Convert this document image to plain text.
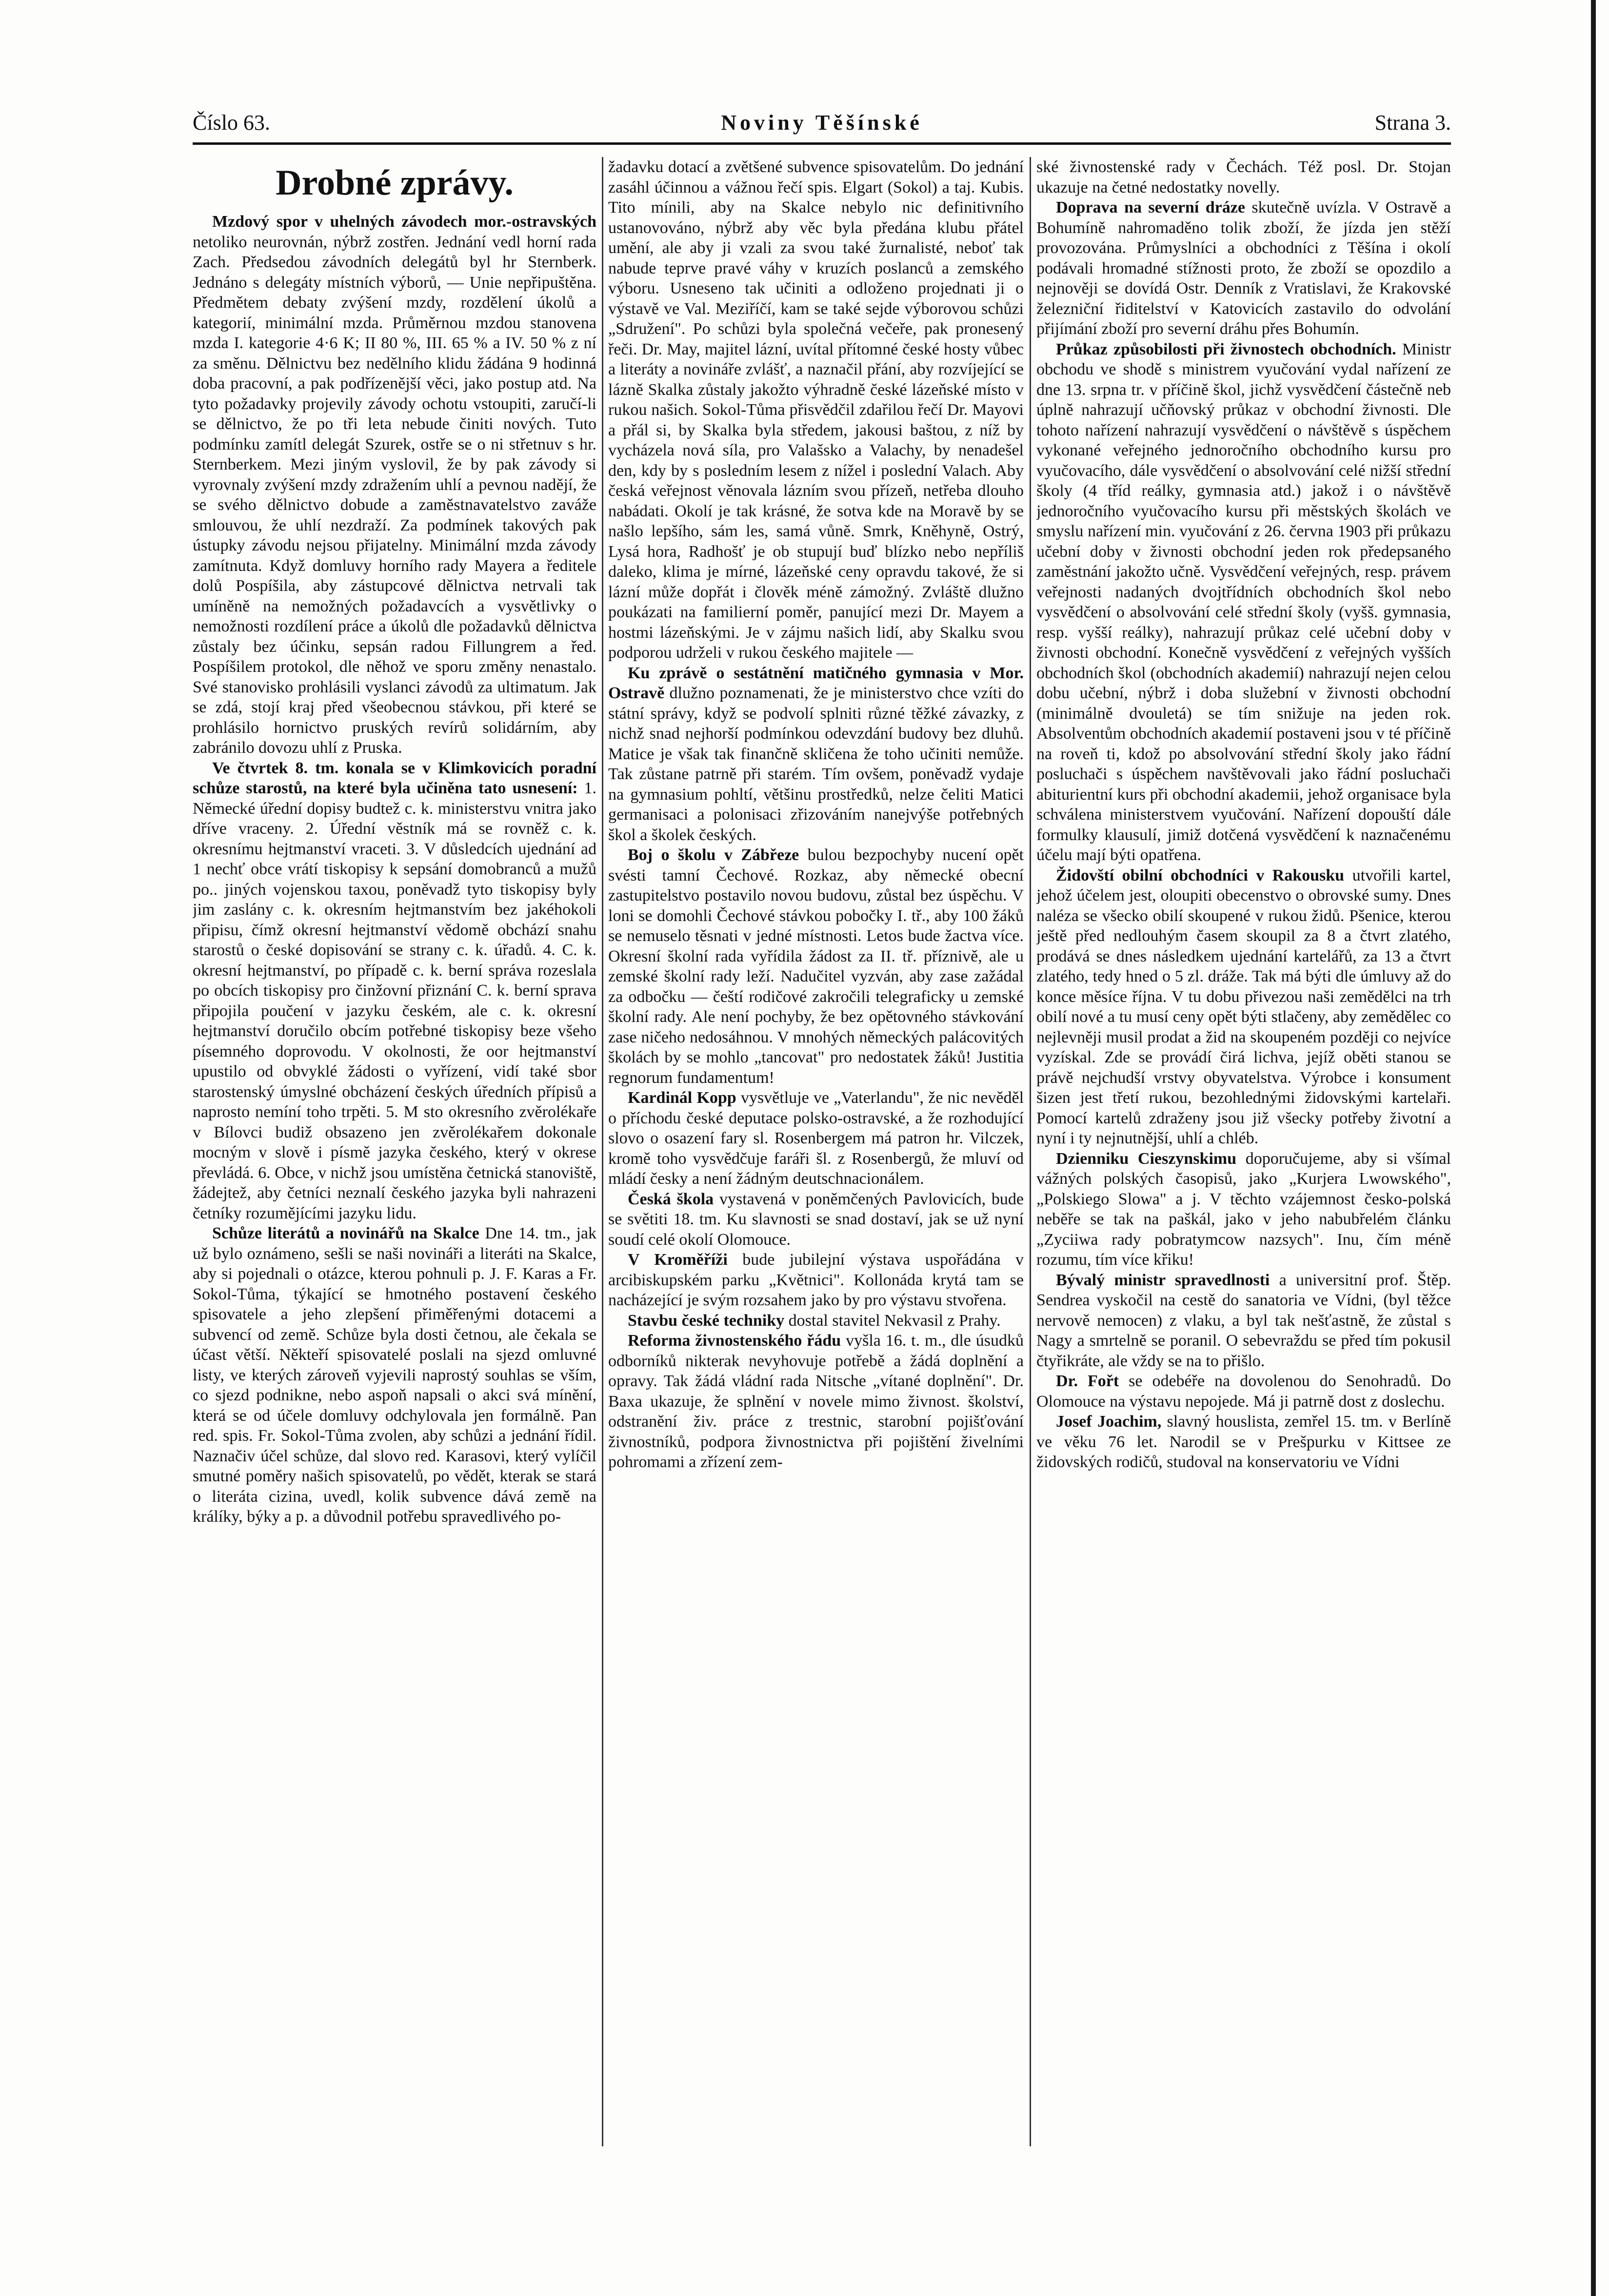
Noviny Těšínské
Číslo 63.	Strana 3.
Drobné zprávy.

Mzdový spor v uhelných závodech mor.-ostravských netoliko neurovnán, nýbrž zostřen. Jednání vedl horní rada Zach. Předsedou závodních delegátů byl hr Sternberk. Jednáno s delegáty místních výborů, — Unie nepřipuštěna. Předmětem debaty zvýšení mzdy, rozdělení úkolů a kategorií, minimální mzda. Průměrnou mzdou stanovena mzda I. kategorie 4·6 K; II 80 %, III. 65 % a IV. 50 % z ní za směnu. Dělnictvu bez nedělního klidu žádána 9 hodinná doba pracovní, a pak podřízenější věci, jako postup atd. Na tyto požadavky projevily závody ochotu vstoupiti, zaručí-li se dělnictvo, že po tři leta nebude činiti nových. Tuto podmínku zamítl delegát Szurek, ostře se o ni střetnuv s hr. Sternberkem. Mezi jiným vyslovil, že by pak závody si vyrovnaly zvýšení mzdy zdražením uhlí a pevnou nadějí, že se svého dělnictvo dobude a zaměstnavatelstvo zaváže smlouvou, že uhlí nezdraží. Za podmínek takových pak ústupky závodu nejsou přijatelny. Minimální mzda závody zamítnuta. Když domluvy horního rady Mayera a ředitele dolů Pospíšila, aby zástupcové dělnictva netrvali tak umíněně na nemožných požadavcích a vysvětlivky o nemožnosti rozdílení práce a úkolů dle požadavků dělnictva zůstaly bez účinku, sepsán radou Fillungrem a řed. Pospíšilem protokol, dle něhož ve sporu změny nenastalo. Své stanovisko prohlásili vyslanci závodů za ultimatum. Jak se zdá, stojí kraj před všeobecnou stávkou, při které se prohlásilo hornictvo pruských revírů solidárním, aby zabránilo dovozu uhlí z Pruska.

Ve čtvrtek 8. tm. konala se v Klimkovicích poradní schůze starostů, na které byla učiněna tato usnesení: 1. Německé úřední dopisy budtež c. k. ministerstvu vnitra jako dříve vraceny. 2. Úřední věstník má se rovněž c. k. okresnímu hejtmanství vraceti. 3. V důsledcích ujednání ad 1 nechť obce vrátí tiskopisy k sepsání domobranců a mužů po.. jiných vojenskou taxou, poněvadž tyto tiskopisy byly jim zaslány c. k. okresním hejtmanstvím bez jakéhokoli připisu, čímž okresní hejtmanství vědomě obchází snahu starostů o české dopisování se strany c. k. úřadů. 4. C. k. okresní hejtmanství, po případě c. k. berní správa rozeslala po obcích tiskopisy pro činžovní přiznání C. k. berní sprava připojila poučení v jazyku českém, ale c. k. okresní hejtmanství doručilo obcím potřebné tiskopisy beze všeho písemného doprovodu. V okolnosti, že oor hejtmanství upustilo od obvyklé žádosti o vyřízení, vidí také sbor starostenský úmyslné obcházení českých úředních přípisů a naprosto nemíní toho trpěti. 5. M sto okresního zvěrolékaře v Bílovci budiž obsazeno jen zvěrolékařem dokonale mocným v slově i písmě jazyka českého, který v okrese převládá. 6. Obce, v nichž jsou umístěna četnická stanoviště, žádejtež, aby četníci neznalí českého jazyka byli nahrazeni četníky rozumějícími jazyku lidu.

Schůze literátů a novinářů na Skalce Dne 14. tm., jak už bylo oznámeno, sešli se naši novináři a literáti na Skalce, aby si pojednali o otázce, kterou pohnuli p. J. F. Karas a Fr. Sokol-Tůma, týkající se hmotného postavení českého spisovatele a jeho zlepšení přiměřenými dotacemi a subvencí od země. Schůze byla dosti četnou, ale čekala se účast větší. Někteří spisovatelé poslali na sjezd omluvné listy, ve kterých zároveň vyjevili naprostý souhlas se vším, co sjezd podnikne, nebo aspoň napsali o akci svá mínění, která se od účele domluvy odchylovala jen formálně. Pan red. spis. Fr. Sokol-Tůma zvolen, aby schůzi a jednání řídil. Naznačiv účel schůze, dal slovo red. Karasovi, který vylíčil smutné poměry našich spisovatelů, po vědět, kterak se stará o literáta cizina, uvedl, kolik subvence dává země na králíky, býky a p. a důvodnil potřebu spravedlivého po-

žadavku dotací a zvětšené subvence spisovatelům. Do jednání zasáhl účinnou a vážnou řečí spis. Elgart (Sokol) a taj. Kubis. Tito mínili, aby na Skalce nebylo nic definitivního ustanovováno, nýbrž aby věc byla předána klubu přátel umění, ale aby ji vzali za svou také žurnalisté, neboť tak nabude teprve pravé váhy v kruzích poslanců a zemského výboru. Usneseno tak učiniti a odloženo projednati ji o výstavě ve Val. Meziříčí, kam se také sejde výborovou schůzi „Sdružení". Po schůzi byla společná večeře, pak pronesený řeči. Dr. May, majitel lázní, uvítal přítomné české hosty vůbec a literáty a novináře zvlášť, a naznačil přání, aby rozvíjející se lázně Skalka zůstaly jakožto výhradně české lázeňské místo v rukou našich. Sokol-Tůma přisvědčil zdařilou řečí Dr. Mayovi a přál si, by Skalka byla středem, jakousi baštou, z níž by vycházela nová síla, pro Valašsko a Valachy, by nenadešel den, kdy by s posledním lesem z nížel i poslední Valach. Aby česká veřejnost věnovala lázním svou přízeň, netřeba dlouho nabádati. Okolí je tak krásné, že sotva kde na Moravě by se našlo lepšího, sám les, samá vůně. Smrk, Kněhyně, Ostrý, Lysá hora, Radhošť je ob stupují buď blízko nebo nepříliš daleko, klima je mírné, lázeňské ceny opravdu takové, že si lázní může dopřát i člověk méně zámožný. Zvláště dlužno poukázati na familierní poměr, panující mezi Dr. Mayem a hostmi lázeňskými. Je v zájmu našich lidí, aby Skalku svou podporou udrželi v rukou českého majitele —

Ku zprávě o sestátnění matičného gymnasia v Mor. Ostravě dlužno poznamenati, že je ministerstvo chce vzíti do státní správy, když se podvolí splniti různé těžké závazky, z nichž snad nejhorší podmínkou odevzdání budovy bez dluhů. Matice je však tak finančně skličena že toho učiniti nemůže. Tak zůstane patrně při starém. Tím ovšem, poněvadž vydaje na gymnasium pohltí, většinu prostředků, nelze čeliti Matici germanisaci a polonisaci zřizováním nanejvýše potřebných škol a školek českých.

Boj o školu v Zábřeze bulou bezpochyby nucení opět svésti tamní Čechové. Rozkaz, aby německé obecní zastupitelstvo postavilo novou budovu, zůstal bez úspěchu. V loni se domohli Čechové stávkou pobočky I. tř., aby 100 žáků se nemuselo těsnati v jedné místnosti. Letos bude žactva více. Okresní školní rada vyřídila žádost za II. tř. příznivě, ale u zemské školní rady leží. Nadučitel vyzván, aby zase zažádal za odbočku — čeští rodičové zakročili telegraficky u zemské školní rady. Ale není pochyby, že bez opětovného stávkování zase ničeho nedosáhnou. V mnohých německých palácovitých školách by se mohlo „tancovat" pro nedostatek žáků! Justitia regnorum fundamentum!

Kardinál Kopp vysvětluje ve „Vaterlandu", že nic nevěděl o příchodu české deputace polsko-ostravské, a že rozhodující slovo o osazení fary sl. Rosenbergem má patron hr. Vilczek, kromě toho vysvědčuje faráři šl. z Rosenbergů, že mluví od mládí česky a není žádným deutschnacionálem.

Česká škola vystavená v poněmčených Pavlovicích, bude se světiti 18. tm. Ku slavnosti se snad dostaví, jak se už nyní soudí celé okolí Olomouce.

V Kroměříži bude jubilejní výstava uspořádána v arcibiskupském parku „Květnici". Kollonáda krytá tam se nacházející je svým rozsahem jako by pro výstavu stvořena.

Stavbu české techniky dostal stavitel Nekvasil z Prahy.

Reforma živnostenského řádu vyšla 16. t. m., dle úsudků odborníků nikterak nevyhovuje potřebě a žádá doplnění a opravy. Tak žádá vládní rada Nitsche „vítané doplnění". Dr. Baxa ukazuje, že splnění v novele mimo živnost. školství, odstranění živ. práce z trestnic, starobní pojišťování živnostníků, podpora živnostnictva při pojištění živelními pohromami a zřízení zem-

ské živnostenské rady v Čechách. Též posl. Dr. Stojan ukazuje na četné nedostatky novelly.

Doprava na severní dráze skutečně uvízla. V Ostravě a Bohumíně nahromaděno tolik zboží, že jízda jen stěží provozována. Průmyslníci a obchodníci z Těšína i okolí podávali hromadné stížnosti proto, že zboží se opozdilo a nejnověji se dovídá Ostr. Denník z Vratislavi, že Krakovské železniční řiditelství v Katovicích zastavilo do odvolání přijímání zboží pro severní dráhu přes Bohumín.

Průkaz způsobilosti při živnostech obchodních. Ministr obchodu ve shodě s ministrem vyučování vydal nařízení ze dne 13. srpna tr. v příčině škol, jichž vysvědčení částečně neb úplně nahrazují učňovský průkaz v obchodní živnosti. Dle tohoto nařízení nahrazují vysvědčení o návštěvě s úspěchem vykonané veřejného jednoročního obchodního kursu pro vyučovacího, dále vysvědčení o absolvování celé nižší střední školy (4 tříd reálky, gymnasia atd.) jakož i o návštěvě jednoročního vyučovacího kursu při městských školách ve smyslu nařízení min. vyučování z 26. června 1903 při průkazu učební doby v živnosti obchodní jeden rok předepsaného zaměstnání jakožto učně. Vysvědčení veřejných, resp. právem veřejnosti nadaných dvojtřídních obchodních škol nebo vysvědčení o absolvování celé střední školy (vyšš. gymnasia, resp. vyšší reálky), nahrazují průkaz celé učební doby v živnosti obchodní. Konečně vysvědčení z veřejných vyšších obchodních škol (obchodních akademií) nahrazují nejen celou dobu učební, nýbrž i doba služební v živnosti obchodní (minimálně dvouletá) se tím snižuje na jeden rok. Absolventům obchodních akademií postaveni jsou v té příčině na roveň ti, kdož po absolvování střední školy jako řádní posluchači s úspěchem navštěvovali jako řádní posluchači abiturientní kurs při obchodní akademii, jehož organisace byla schválena ministerstvem vyučování. Nařízení dopouští dále formulky klausulí, jimiž dotčená vysvědčení k naznačenému účelu mají býti opatřena.

Židovští obilní obchodníci v Rakousku utvořili kartel, jehož účelem jest, oloupiti obecenstvo o obrovské sumy. Dnes naléza se všecko obilí skoupené v rukou židů. Pšenice, kterou ještě před nedlouhým časem skoupil za 8 a čtvrt zlatého, prodává se dnes následkem ujednání kartelářů, za 13 a čtvrt zlatého, tedy hned o 5 zl. dráže. Tak má býti dle úmluvy až do konce měsíce října. V tu dobu přivezou naši zemědělci na trh obilí nové a tu musí ceny opět býti stlačeny, aby zemědělec co nejlevněji musil prodat a žid na skoupeném později co nejvíce vyzískal. Zde se provádí čirá lichva, jejíž oběti stanou se právě nejchudší vrstvy obyvatelstva. Výrobce i konsument šizen jest třetí rukou, bezohlednými židovskými kartelaři. Pomocí kartelů zdraženy jsou již všecky potřeby životní a nyní i ty nejnutnější, uhlí a chléb.

Dzienniku Cieszynskimu doporučujeme, aby si všímal vážných polských časopisů, jako „Kurjera Lwowského", „Polskiego Slowa" a j. V těchto vzájemnost česko-polská neběře se tak na paškál, jako v jeho nabubřelém článku „Zyciiwa rady pobratymcow nazsych". Inu, čím méně rozumu, tím více křiku!

Bývalý ministr spravedlnosti a universitní prof. Štěp. Sendrea vyskočil na cestě do sanatoria ve Vídni, (byl těžce nervově nemocen) z vlaku, a byl tak nešťastně, že zůstal s Nagy a smrtelně se poranil. O sebevraždu se před tím pokusil čtyřikráte, ale vždy se na to přišlo.

Dr. Fořt se odebéře na dovolenou do Senohradů. Do Olomouce na výstavu nepojede. Má ji patrně dost z doslechu.

Josef Joachim, slavný houslista, zemřel 15. tm. v Berlíně ve věku 76 let. Narodil se v Prešpurku v Kittsee ze židovských rodičů, studoval na konservatoriu ve Vídni
